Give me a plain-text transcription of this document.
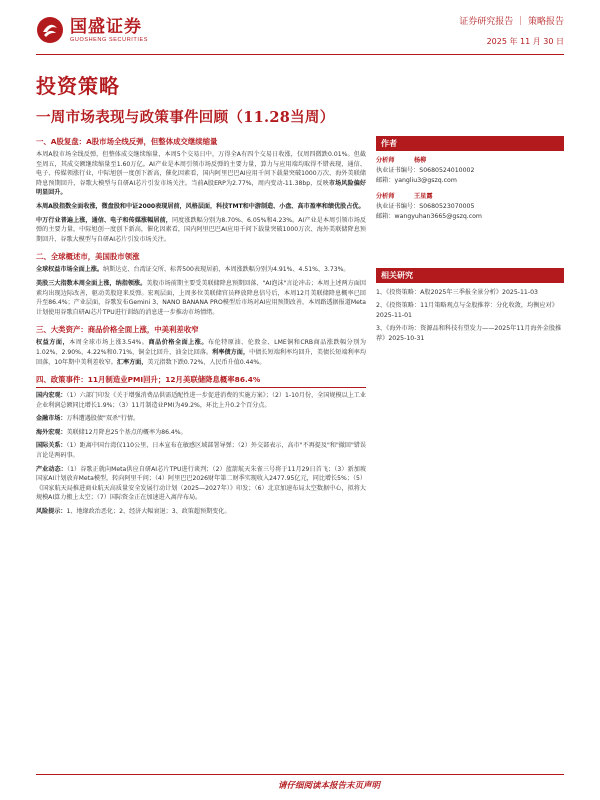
国盛证券
GUOSHENG SECURITIES
证券研究报告 ｜ 策略报告
2025 年 11 月 30 日
投资策略
一周市场表现与政策事件回顾（11.28当周）
一、A股复盘：A股市场全线反弹，但整体成交继续缩量

本周A股市场全线反弹，但整体成交继续缩量，本周5个交易日中，万得全A有四个交易日收涨，仅周四微跌0.01%。但截至周五，其成交额继续缩量至1.60万亿。AI产业是本周引领市场反弹的主要力量，算力与应用端均取得不错表现，通信、电子、传媒领涨行业，中际旭创一度创下新高，催化因素看，国内阿里巴巴AI应用千问下载量突破1000万次、海外美联储降息预期回升、谷歌大模型与自研AI芯片引发市场关注。当前A股ERP为2.77%，周内变动-11.38bp，反映市场风险偏好明显回升。

本周A股指数全面收涨，微盘股和中证2000表现居前，风格层面，科技TMT和中游制造、小盘、高市盈率和绩优股占优。

中万行业普遍上涨，通信、电子和传媒涨幅居前，同度涨跌幅分别为8.70%、6.05%和4.23%。AI产业是本周引领市场反弹的主要力量，中际旭创一度创下新高，催化因素看，国内阿里巴巴AI应用千问下载量突破1000万次、海外美联储降息预期回升、谷歌大模型与自研AI芯片引发市场关注。

二、全球概述市，美国股市领涨

全球权益市场全面上涨。纳斯达克、台湾证交所、标普500表现居前，本周涨跌幅分别为4.91%、4.51%、3.73%。

美股三大指数本周全面上涨，纳指领涨。美股市场前期主要受美联储降息预期回落、"AI泡沫"言论冲击；本周上述两方面因素均出现边际改善，驱动美股迎来反弹。宏观层面，上周多位美联储官员释放降息信号后，本周12月美联储降息概率已回升至86.4%；产业层面，谷歌发布Gemini 3、NANO BANANA PRO模型后市场对AI应用预期改善，本周路透据报道Meta计划使用谷歌自研AI芯片TPU进行训练的消息进一步推动市场情绪。

三、大类资产：商品价格全面上涨，中美利差收窄

权益方面，本周全球市场上涨3.54%。商品价格全面上涨。布伦特原油、伦敦金、LME铜和CRB商品涨跌幅分别为1.02%、2.90%、4.22%和0.71%，铜金比回升，油金比回落。利率债方面，中债长短端利率均回升，美债长短端利率均回落，10年期中美利差收窄。汇率方面，美元指数下跌0.72%，人民币升值0.44%。

四、政策事件：11月制造业PMI回升；12月美联储降息概率86.4%

国内宏观：（1）六部门印发《关于增强消费品供需适配性进一步促进消费的实施方案》；（2）1-10月份，全国规模以上工业企业利润总额同比增长1.9%；（3）11月制造业PMI为49.2%，环比上升0.2个百分点。

金融市场：万科遭遇股债"双杀"行情。

海外宏观：美联储12月降息25个基点的概率为86.4%。

国际关系：（1）距离中国台湾仅110公里，日本宣布在敏感区域部署导弹；（2）外交部表示，高市"不再提及"和"撤回"错误言论是两码事。

产业动态：（1）谷歌正就向Meta供应自研AI芯片TPU进行谈判；（2）蓝箭航天朱雀三号将于11月29日首飞；（3）新加坡国家AI计划放弃Meta模型，转向阿里千问；（4）阿里巴巴2026财年第二财季实现收入2477.95亿元，同比增长5%；（5）《国家航天局推进商业航天高质量安全发展行动计划（2025—2027年）》印发；（6）北京加速布局太空数据中心，拟将大规模AI算力搬上太空；（7）国际资金正在加速进入离岸布局。

风险提示：1、地缘政治恶化；2、经济大幅衰退；3、政策超预期变化。

作者
分析师	杨柳
执业证书编号：S0680524010002
邮箱：yangliu3@gszq.com
分析师	王星露
执业证书编号：S0680523070005
邮箱：wangyuhan3665@gszq.com
相关研究
1、《投资策略：A股2025年三季报全景分析》2025-11-03
2、《投资策略：11月策略观点与金股推荐：分化收敛，均衡应对》2025-11-01
3、《海外市场：资源品和科技有望发力——2025年11月海外金股推荐》2025-10-31
请仔细阅读本报告末页声明
